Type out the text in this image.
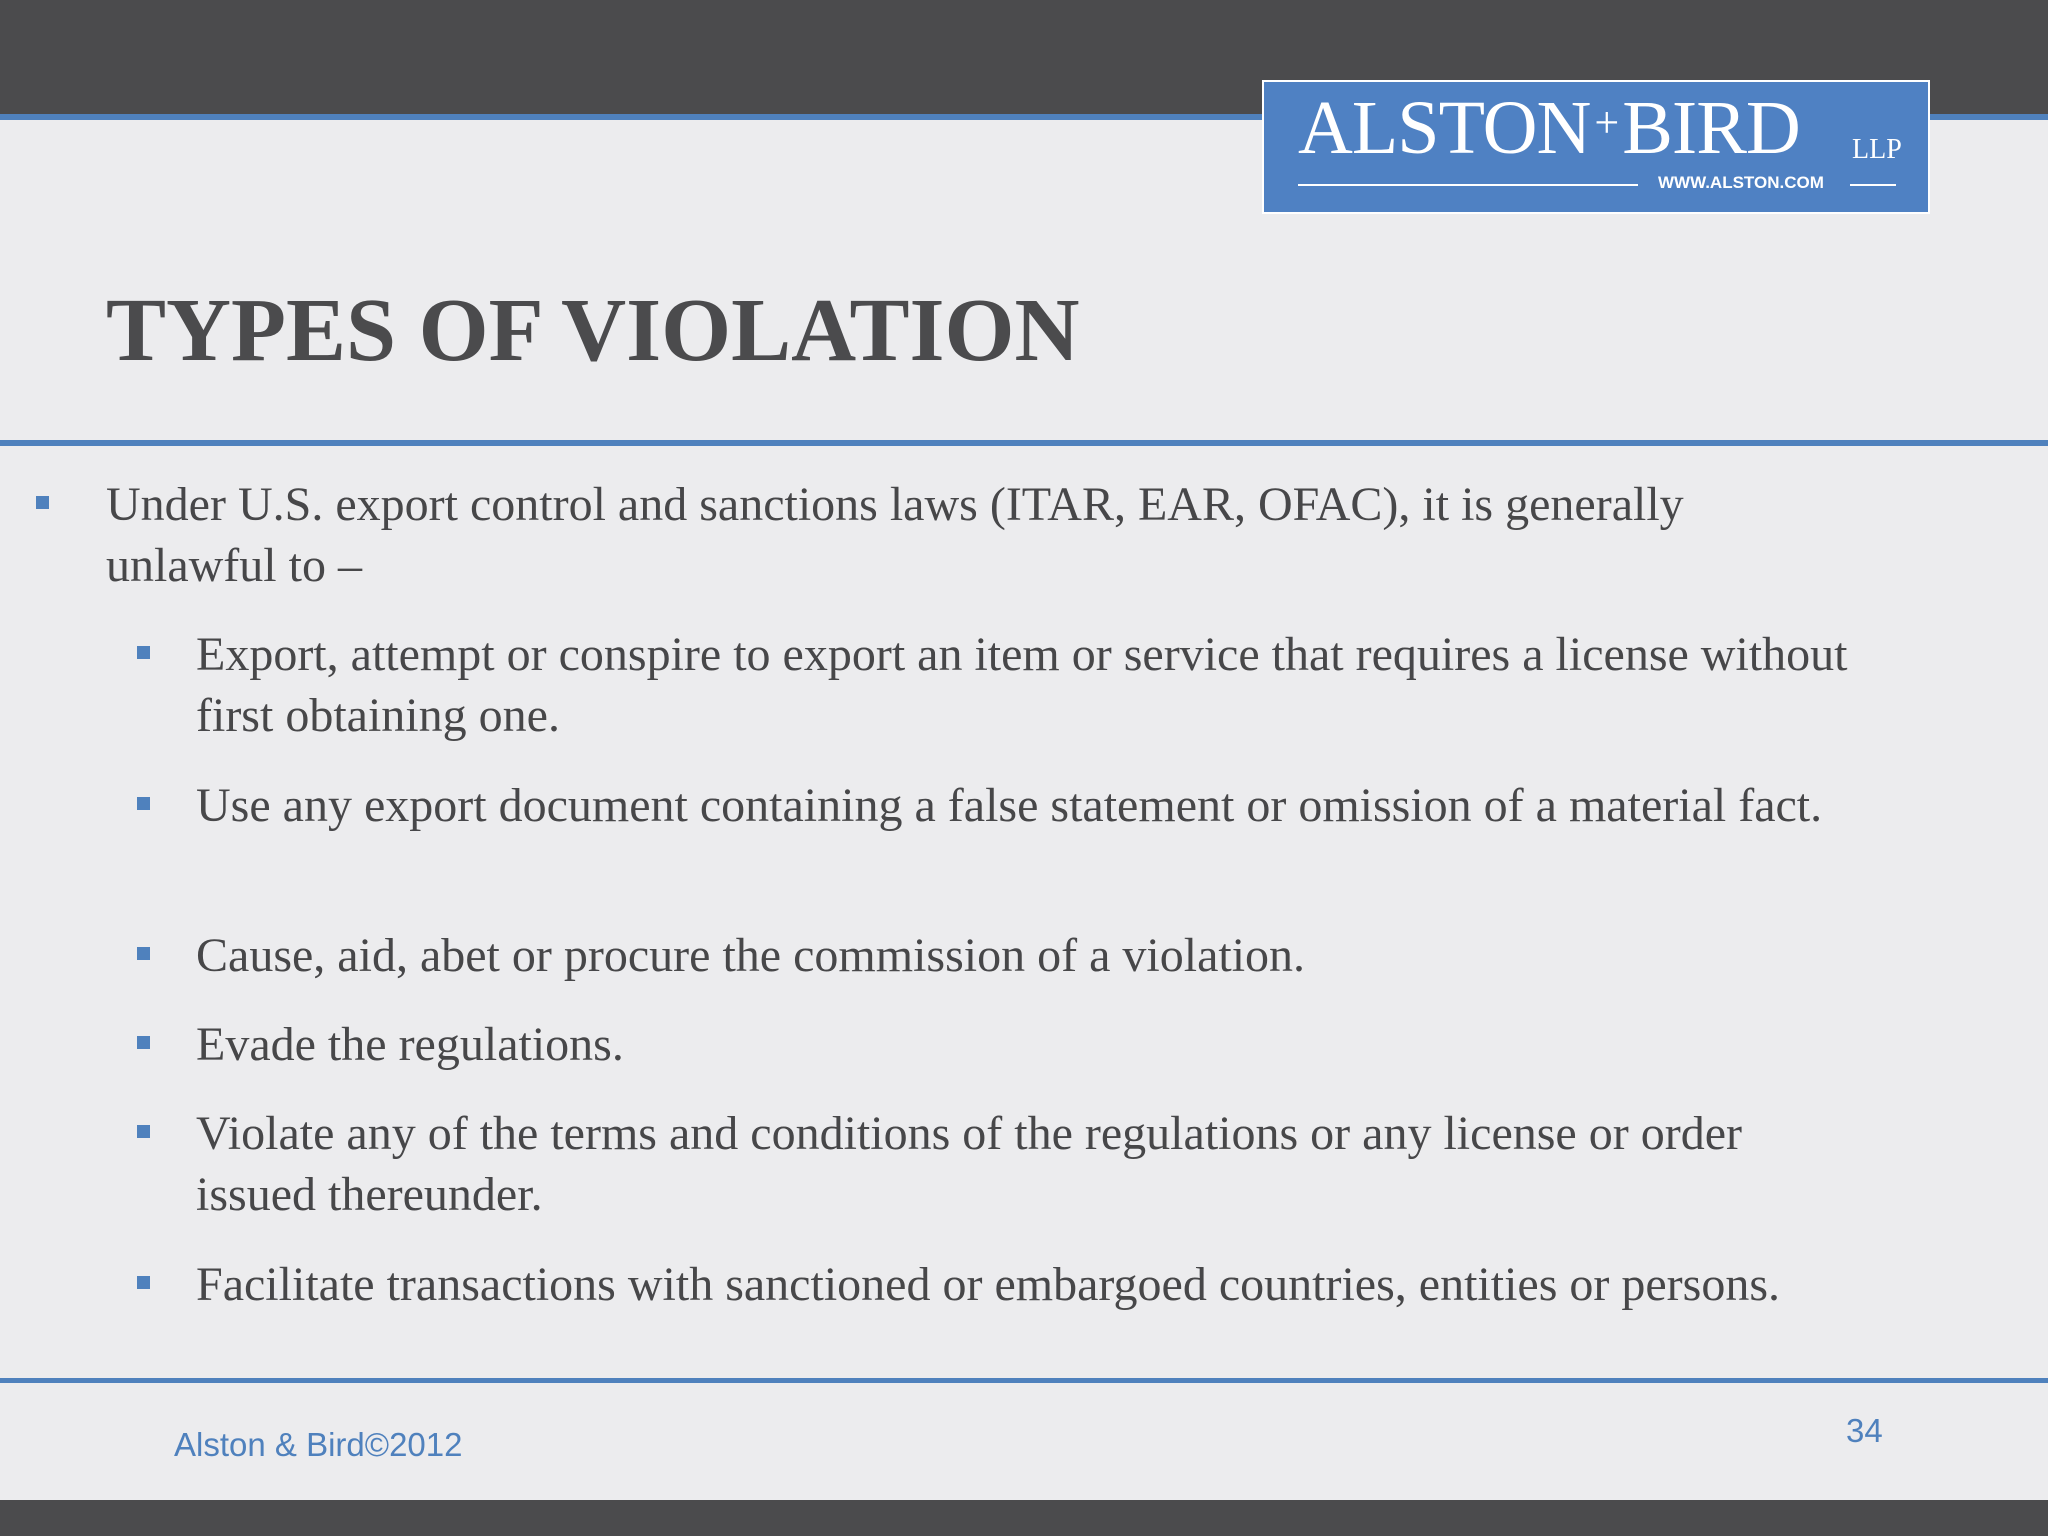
ALSTON+BIRD LLP
WWW.ALSTON.COM
TYPES OF VIOLATION
Under U.S. export control and sanctions laws (ITAR, EAR, OFAC), it is generally unlawful to –
Export, attempt or conspire to export an item or service that requires a license without first obtaining one.
Use any export document containing a false statement or omission of a material fact.
Cause, aid, abet or procure the commission of a violation.
Evade the regulations.
Violate any of the terms and conditions of the regulations or any license or order issued thereunder.
Facilitate transactions with sanctioned or embargoed countries, entities or persons.
Alston & Bird©2012	34
